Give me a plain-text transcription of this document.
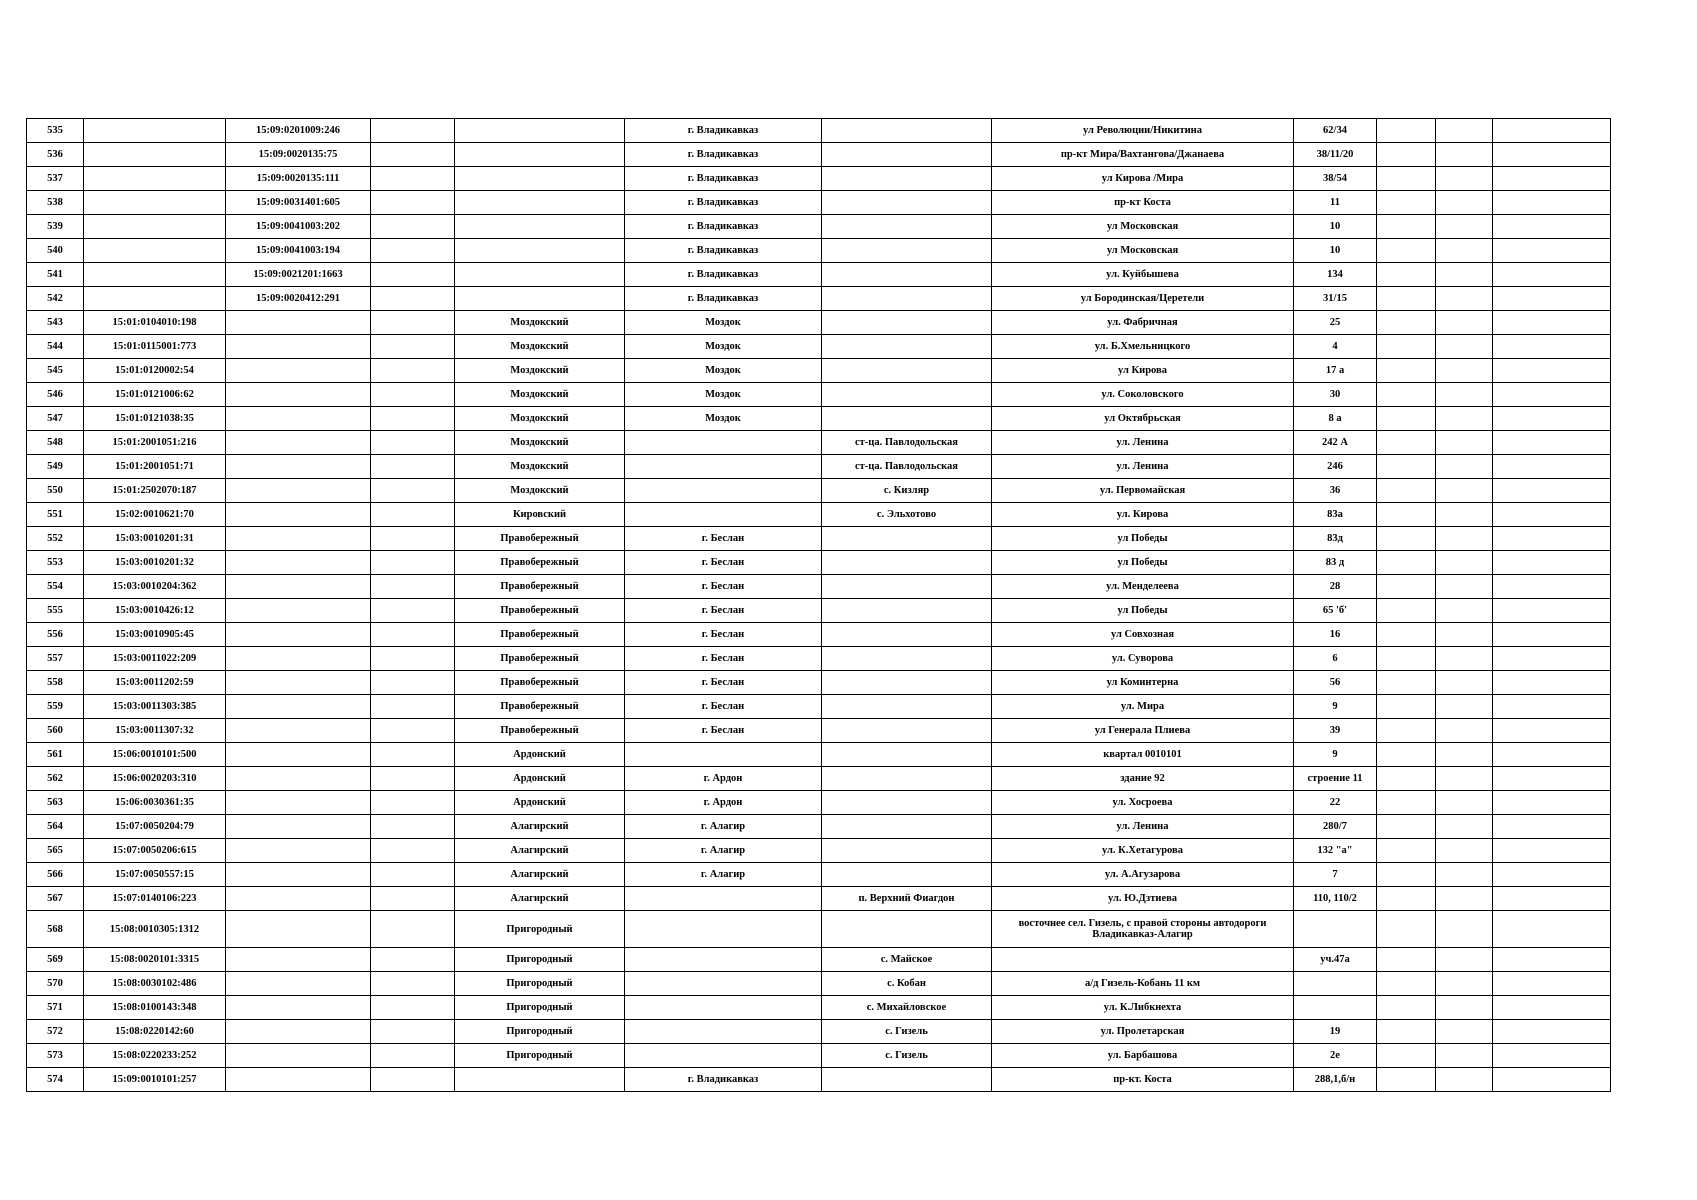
535		15:09:0201009:246			г. Владикавказ		ул Революции/Никитина	62/34			
536		15:09:0020135:75			г. Владикавказ		пр-кт Мира/Вахтангова/Джанаева	38/11/20			
537		15:09:0020135:111			г. Владикавказ		ул Кирова /Мира	38/54			
538		15:09:0031401:605			г. Владикавказ		пр-кт Коста	11			
539		15:09:0041003:202			г. Владикавказ		ул Московская	10			
540		15:09:0041003:194			г. Владикавказ		ул Московская	10			
541		15:09:0021201:1663			г. Владикавказ		ул. Куйбышева	134			
542		15:09:0020412:291			г. Владикавказ		ул Бородинская/Церетели	31/15			
543	15:01:0104010:198			Моздокский	Моздок		ул. Фабричная	25			
544	15:01:0115001:773			Моздокский	Моздок		ул. Б.Хмельницкого	4			
545	15:01:0120002:54			Моздокский	Моздок		ул Кирова	17 а			
546	15:01:0121006:62			Моздокский	Моздок		ул. Соколовского	30			
547	15:01:0121038:35			Моздокский	Моздок		ул Октябрьская	8 а			
548	15:01:2001051:216			Моздокский		ст-ца. Павлодольская	ул. Ленина	242 А			
549	15:01:2001051:71			Моздокский		ст-ца. Павлодольская	ул. Ленина	246			
550	15:01:2502070:187			Моздокский		с. Кизляр	ул. Первомайская	36			
551	15:02:0010621:70			Кировский		с. Эльхотово	ул. Кирова	83а			
552	15:03:0010201:31			Правобережный	г. Беслан		ул Победы	83д			
553	15:03:0010201:32			Правобережный	г. Беслан		ул Победы	83 д			
554	15:03:0010204:362			Правобережный	г. Беслан		ул. Менделеева	28			
555	15:03:0010426:12			Правобережный	г. Беслан		ул Победы	65 'б'			
556	15:03:0010905:45			Правобережный	г. Беслан		ул Совхозная	16			
557	15:03:0011022:209			Правобережный	г. Беслан		ул. Суворова	6			
558	15:03:0011202:59			Правобережный	г. Беслан		ул Коминтерна	56			
559	15:03:0011303:385			Правобережный	г. Беслан		ул. Мира	9			
560	15:03:0011307:32			Правобережный	г. Беслан		ул Генерала Плиева	39			
561	15:06:0010101:500			Ардонский			квартал 0010101	9			
562	15:06:0020203:310			Ардонский	г. Ардон		здание 92	строение 11			
563	15:06:0030361:35			Ардонский	г. Ардон		ул. Хосроева	22			
564	15:07:0050204:79			Алагирский	г. Алагир		ул. Ленина	280/7			
565	15:07:0050206:615			Алагирский	г. Алагир		ул. К.Хетагурова	132 "а"			
566	15:07:0050557:15			Алагирский	г. Алагир		ул. А.Агузарова	7			
567	15:07:0140106:223			Алагирский		п. Верхний Фиагдон	ул. Ю.Дзтиева	110, 110/2			
568	15:08:0010305:1312			Пригородный			восточнее сел. Гизель, с правой стороны автодороги Владикавказ-Алагир				
569	15:08:0020101:3315			Пригородный		с. Майское		уч.47а			
570	15:08:0030102:486			Пригородный		с. Кобан	а/д Гизель-Кобань 11 км				
571	15:08:0100143:348			Пригородный		с. Михайловское	ул. К.Либкнехта				
572	15:08:0220142:60			Пригородный		с. Гизель	ул. Пролетарская	19			
573	15:08:0220233:252			Пригородный		с. Гизель	ул. Барбашова	2е			
574	15:09:0010101:257				г. Владикавказ		пр-кт. Коста	288,1,б/н			
